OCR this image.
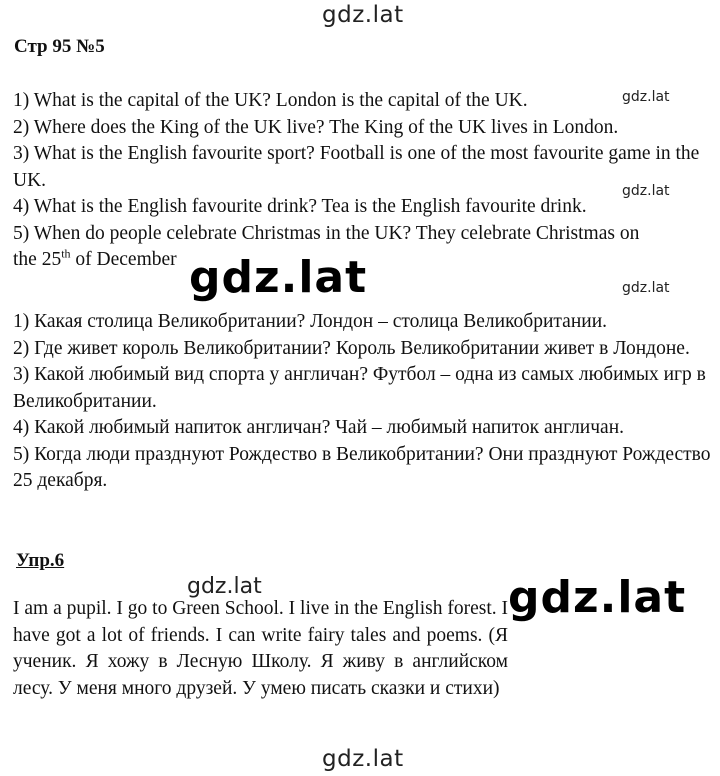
gdz.lat
Стр 95 №5

1) What is the capital of the UK? London is the capital of the UK.

2) Where does the King of the UK live? The King of the UK lives in London.

3) What is the English favourite sport? Football is one of the most favourite game in the UK.

4) What is the English favourite drink? Tea is the English favourite drink.

5) When do people celebrate Christmas in the UK? They celebrate Christmas on

the 25th of December

gdz.lat
gdz.lat
gdz.lat
gdz.lat

1) Какая столица Великобритании? Лондон – столица Великобритании.

2) Где живет король Великобритании? Король Великобритании живет в Лондоне.

3) Какой любимый вид спорта у англичан? Футбол – одна из самых любимых игр в Великобритании.

4) Какой любимый напиток англичан? Чай – любимый напиток англичан.

5) Когда люди празднуют Рождество в Великобритании? Они празднуют Рождество 25 декабря.

Упр.6
gdz.lat	gdz.lat
I am a pupil. I go to Green School. I live in the English forest. I have got a lot of friends. I can write fairy tales and poems. (Я ученик. Я хожу в Лесную Школу. Я живу в английском лесу. У меня много друзей. У умею писать сказки и стихи)
gdz.lat
